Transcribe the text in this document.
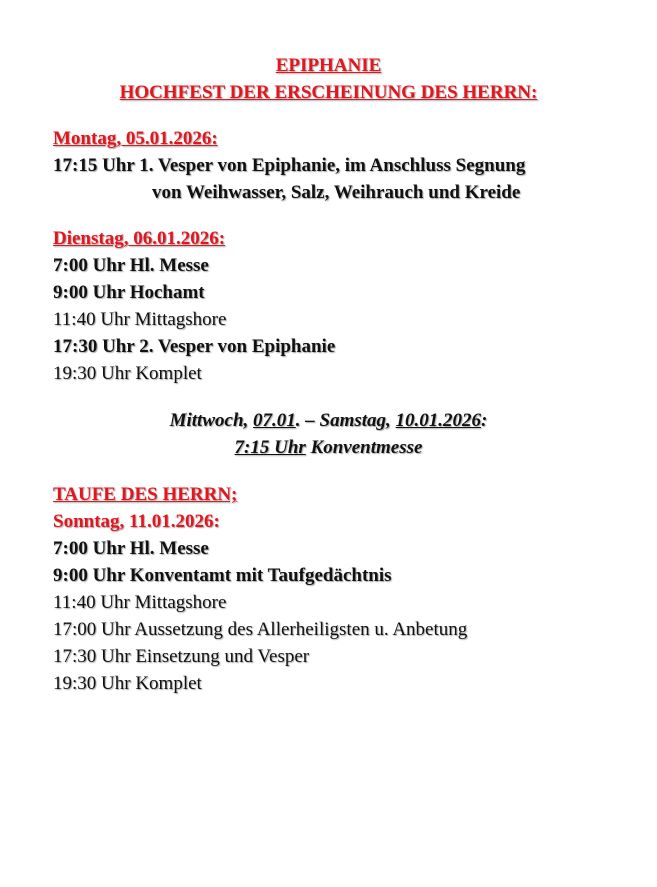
EPIPHANIE
HOCHFEST DER ERSCHEINUNG DES HERRN:
Montag, 05.01.2026:
17:15 Uhr 1. Vesper von Epiphanie, im Anschluss Segnung
von Weihwasser, Salz, Weihrauch und Kreide
Dienstag, 06.01.2026:
7:00 Uhr Hl. Messe
9:00 Uhr Hochamt
11:40 Uhr Mittagshore
17:30 Uhr 2. Vesper von Epiphanie
19:30 Uhr Komplet
Mittwoch, 07.01. – Samstag, 10.01.2026:
7:15 Uhr Konventmesse
TAUFE DES HERRN;
Sonntag, 11.01.2026:
7:00 Uhr Hl. Messe
9:00 Uhr Konventamt mit Taufgedächtnis
11:40 Uhr Mittagshore
17:00 Uhr Aussetzung des Allerheiligsten u. Anbetung
17:30 Uhr Einsetzung und Vesper
19:30 Uhr Komplet
